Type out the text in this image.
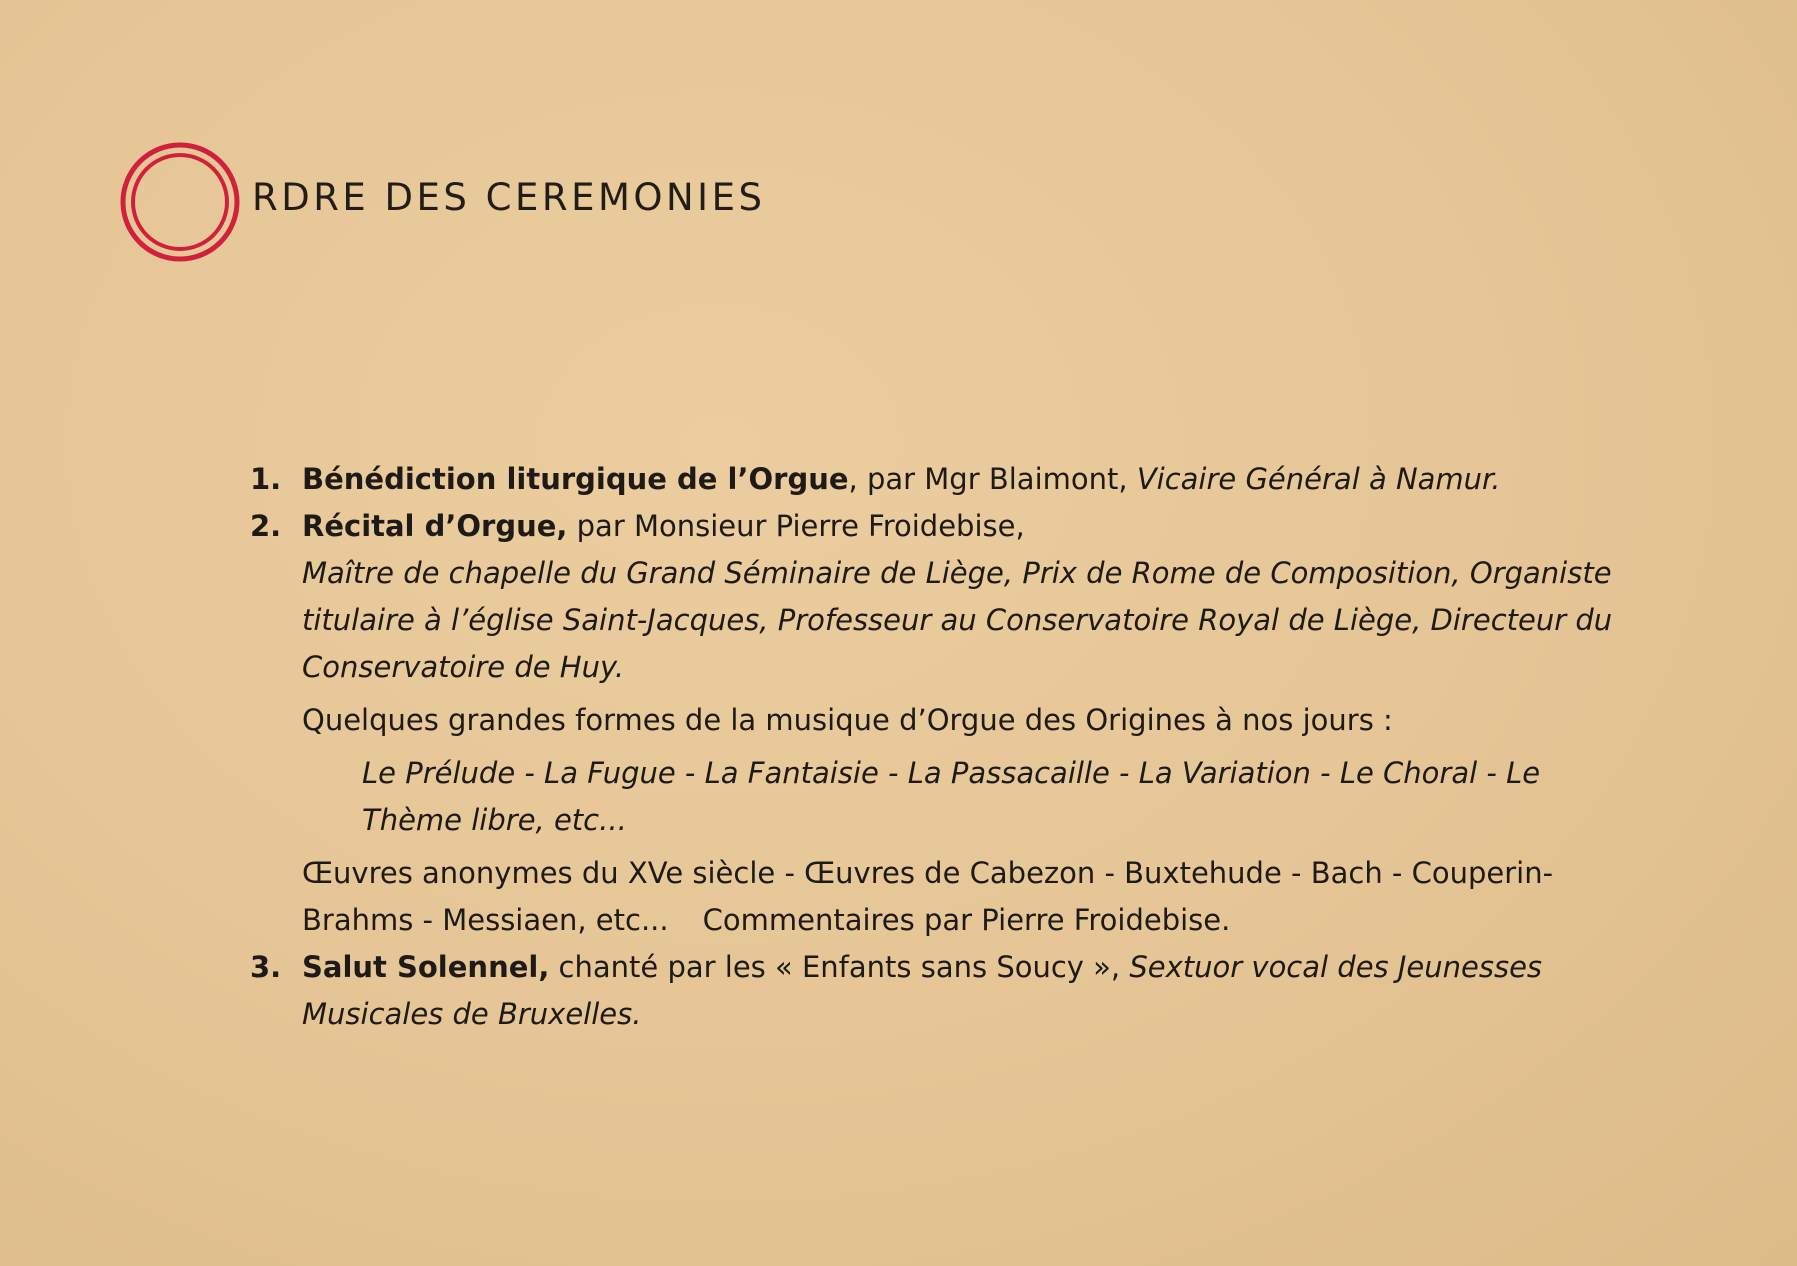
RDRE DES CEREMONIES
1. Bénédiction liturgique de l’Orgue, par Mgr Blaimont, Vicaire Général à Namur.
2. Récital d’Orgue, par Monsieur Pierre Froidebise,
Maître de chapelle du Grand Séminaire de Liège, Prix de Rome de Composition, Organiste titulaire à l’église Saint-Jacques, Professeur au Conservatoire Royal de Liège, Directeur du Conservatoire de Huy.
Quelques grandes formes de la musique d’Orgue des Origines à nos jours :
Le Prélude - La Fugue - La Fantaisie - La Passacaille - La Variation - Le Choral - Le Thème libre, etc...
Œuvres anonymes du XVe siècle - Œuvres de Cabezon - Buxtehude - Bach - Couperin- Brahms - Messiaen, etc... Commentaires par Pierre Froidebise.
3. Salut Solennel, chanté par les « Enfants sans Soucy », Sextuor vocal des Jeunesses Musicales de Bruxelles.
